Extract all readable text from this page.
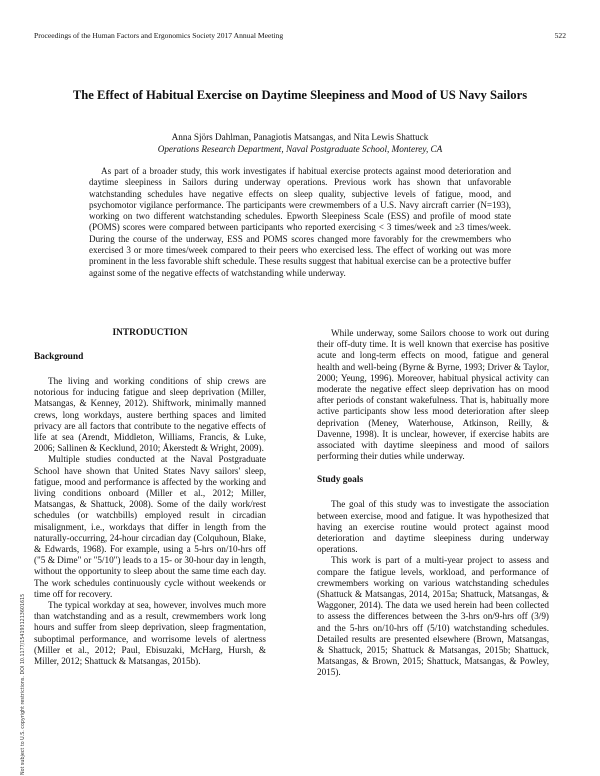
Proceedings of the Human Factors and Ergonomics Society 2017 Annual Meeting	522
The Effect of Habitual Exercise on Daytime Sleepiness and Mood of US Navy Sailors
Anna Sjörs Dahlman, Panagiotis Matsangas, and Nita Lewis Shattuck
Operations Research Department, Naval Postgraduate School, Monterey, CA

As part of a broader study, this work investigates if habitual exercise protects against mood deterioration and daytime sleepiness in Sailors during underway operations. Previous work has shown that unfavorable watchstanding schedules have negative effects on sleep quality, subjective levels of fatigue, mood, and psychomotor vigilance performance. The participants were crewmembers of a U.S. Navy aircraft carrier (N=193), working on two different watchstanding schedules. Epworth Sleepiness Scale (ESS) and profile of mood state (POMS) scores were compared between participants who reported exercising < 3 times/week and ≥3 times/week. During the course of the underway, ESS and POMS scores changed more favorably for the crewmembers who exercised 3 or more times/week compared to their peers who exercised less. The effect of working out was more prominent in the less favorable shift schedule. These results suggest that habitual exercise can be a protective buffer against some of the negative effects of watchstanding while underway.

INTRODUCTION
Background

The living and working conditions of ship crews are notorious for inducing fatigue and sleep deprivation (Miller, Matsangas, & Kenney, 2012). Shiftwork, minimally manned crews, long workdays, austere berthing spaces and limited privacy are all factors that contribute to the negative effects of life at sea (Arendt, Middleton, Williams, Francis, & Luke, 2006; Sallinen & Kecklund, 2010; Åkerstedt & Wright, 2009).

Multiple studies conducted at the Naval Postgraduate School have shown that United States Navy sailors' sleep, fatigue, mood and performance is affected by the working and living conditions onboard (Miller et al., 2012; Miller, Matsangas, & Shattuck, 2008). Some of the daily work/rest schedules (or watchbills) employed result in circadian misalignment, i.e., workdays that differ in length from the naturally-occurring, 24-hour circadian day (Colquhoun, Blake, & Edwards, 1968). For example, using a 5-hrs on/10-hrs off ("5 & Dime" or "5/10") leads to a 15- or 30-hour day in length, without the opportunity to sleep about the same time each day. The work schedules continuously cycle without weekends or time off for recovery.

The typical workday at sea, however, involves much more than watchstanding and as a result, crewmembers work long hours and suffer from sleep deprivation, sleep fragmentation, suboptimal performance, and worrisome levels of alertness (Miller et al., 2012; Paul, Ebisuzaki, McHarg, Hursh, & Miller, 2012; Shattuck & Matsangas, 2015b).

While underway, some Sailors choose to work out during their off-duty time. It is well known that exercise has positive acute and long-term effects on mood, fatigue and general health and well-being (Byrne & Byrne, 1993; Driver & Taylor, 2000; Yeung, 1996). Moreover, habitual physical activity can moderate the negative effect sleep deprivation has on mood after periods of constant wakefulness. That is, habitually more active participants show less mood deterioration after sleep deprivation (Meney, Waterhouse, Atkinson, Reilly, & Davenne, 1998). It is unclear, however, if exercise habits are associated with daytime sleepiness and mood of sailors performing their duties while underway.

Study goals

The goal of this study was to investigate the association between exercise, mood and fatigue. It was hypothesized that having an exercise routine would protect against mood deterioration and daytime sleepiness during underway operations.

This work is part of a multi-year project to assess and compare the fatigue levels, workload, and performance of crewmembers working on various watchstanding schedules (Shattuck & Matsangas, 2014, 2015a; Shattuck, Matsangas, & Waggoner, 2014). The data we used herein had been collected to assess the differences between the 3-hrs on/9-hrs off (3/9) and the 5-hrs on/10-hrs off (5/10) watchstanding schedules. Detailed results are presented elsewhere (Brown, Matsangas, & Shattuck, 2015; Shattuck & Matsangas, 2015b; Shattuck, Matsangas, & Brown, 2015; Shattuck, Matsangas, & Powley, 2015).

Not subject to U.S. copyright restrictions. DOI 10.1177/1541931213601615
